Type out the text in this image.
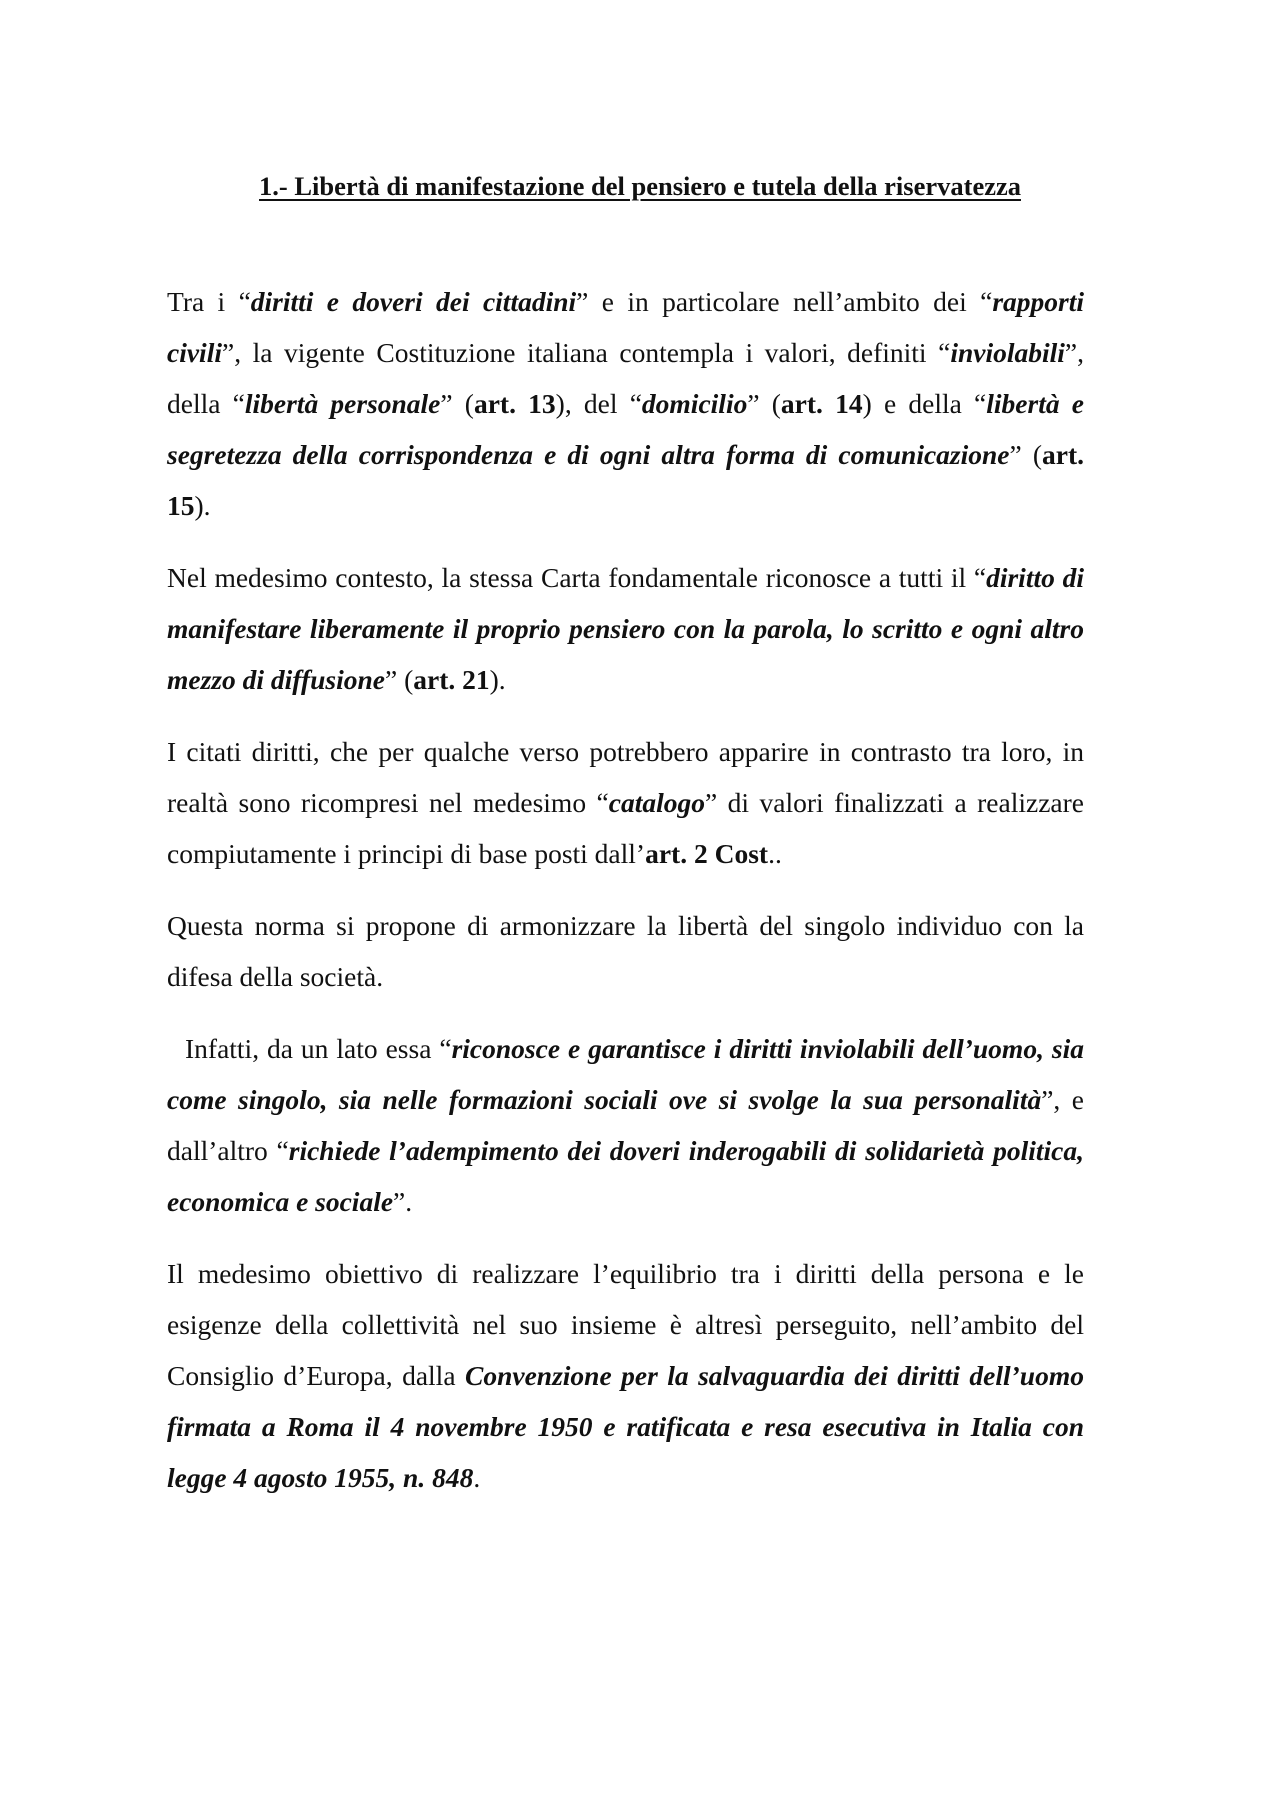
1.- Libertà di manifestazione del pensiero e tutela della riservatezza

Tra i “diritti e doveri dei cittadini” e in particolare nell’ambito dei “rapporti civili”, la vigente Costituzione italiana contempla i valori, definiti “inviolabili”, della “libertà personale” (art. 13), del “domicilio” (art. 14) e della “libertà e segretezza della corrispondenza e di ogni altra forma di comunicazione” (art. 15).

Nel medesimo contesto, la stessa Carta fondamentale riconosce a tutti il “diritto di manifestare liberamente il proprio pensiero con la parola, lo scritto e ogni altro mezzo di diffusione” (art. 21).

I citati diritti, che per qualche verso potrebbero apparire in contrasto tra loro, in realtà sono ricompresi nel medesimo “catalogo” di valori finalizzati a realizzare compiutamente i principi di base posti dall’art. 2 Cost..

Questa norma si propone di armonizzare la libertà del singolo individuo con la difesa della società.

Infatti, da un lato essa “riconosce e garantisce i diritti inviolabili dell’uomo, sia come singolo, sia nelle formazioni sociali ove si svolge la sua personalità”, e dall’altro “richiede l’adempimento dei doveri inderogabili di solidarietà politica, economica e sociale”.

Il medesimo obiettivo di realizzare l’equilibrio tra i diritti della persona e le esigenze della collettività nel suo insieme è altresì perseguito, nell’ambito del Consiglio d’Europa, dalla Convenzione per la salvaguardia dei diritti dell’uomo firmata a Roma il 4 novembre 1950 e ratificata e resa esecutiva in Italia con legge 4 agosto 1955, n. 848.
